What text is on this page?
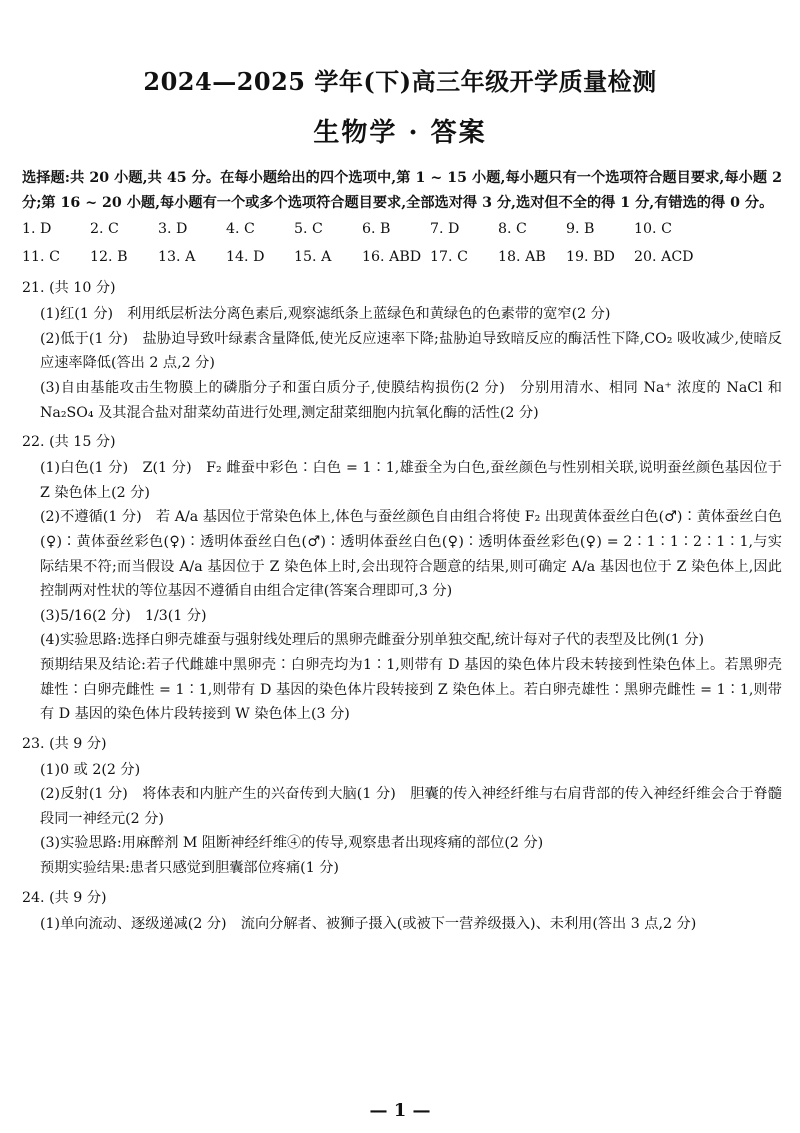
2024—2025 学年(下)高三年级开学质量检测
生物学 · 答案

选择题:共 20 小题,共 45 分。在每小题给出的四个选项中,第 1 ~ 15 小题,每小题只有一个选项符合题目要求,每小题 2 分;第 16 ~ 20 小题,每小题有一个或多个选项符合题目要求,全部选对得 3 分,选对但不全的得 1 分,有错选的得 0 分。

1. D	2. C	3. D	4. C	5. C	6. B	7. D	8. C	9. B	10. C
11. C	12. B	13. A	14. D	15. A	16. ABD 17. C	18. AB	19. BD	20. ACD

21. (共 10 分)

(1)红(1 分)　利用纸层析法分离色素后,观察滤纸条上蓝绿色和黄绿色的色素带的宽窄(2 分)

(2)低于(1 分)　盐胁迫导致叶绿素含量降低,使光反应速率下降;盐胁迫导致暗反应的酶活性下降,CO₂ 吸收减少,使暗反应速率降低(答出 2 点,2 分)

(3)自由基能攻击生物膜上的磷脂分子和蛋白质分子,使膜结构损伤(2 分)　分别用清水、相同 Na⁺ 浓度的 NaCl 和 Na₂SO₄ 及其混合盐对甜菜幼苗进行处理,测定甜菜细胞内抗氧化酶的活性(2 分)

22. (共 15 分)

(1)白色(1 分)　Z(1 分)　F₂ 雌蚕中彩色∶白色 = 1∶1,雄蚕全为白色,蚕丝颜色与性别相关联,说明蚕丝颜色基因位于 Z 染色体上(2 分)

(2)不遵循(1 分)　若 A/a 基因位于常染色体上,体色与蚕丝颜色自由组合将使 F₂ 出现黄体蚕丝白色(♂)∶黄体蚕丝白色(♀)∶黄体蚕丝彩色(♀)∶透明体蚕丝白色(♂)∶透明体蚕丝白色(♀)∶透明体蚕丝彩色(♀) = 2∶1∶1∶2∶1∶1,与实际结果不符;而当假设 A/a 基因位于 Z 染色体上时,会出现符合题意的结果,则可确定 A/a 基因也位于 Z 染色体上,因此控制两对性状的等位基因不遵循自由组合定律(答案合理即可,3 分)

(3)5/16(2 分)　1/3(1 分)

(4)实验思路:选择白卵壳雄蚕与强射线处理后的黑卵壳雌蚕分别单独交配,统计每对子代的表型及比例(1 分)

预期结果及结论:若子代雌雄中黑卵壳∶白卵壳均为1∶1,则带有 D 基因的染色体片段未转接到性染色体上。若黑卵壳雄性∶白卵壳雌性 = 1∶1,则带有 D 基因的染色体片段转接到 Z 染色体上。若白卵壳雄性∶黑卵壳雌性 = 1∶1,则带有 D 基因的染色体片段转接到 W 染色体上(3 分)

23. (共 9 分)

(1)0 或 2(2 分)

(2)反射(1 分)　将体表和内脏产生的兴奋传到大脑(1 分)　胆囊的传入神经纤维与右肩背部的传入神经纤维会合于脊髓段同一神经元(2 分)

(3)实验思路:用麻醉剂 M 阻断神经纤维④的传导,观察患者出现疼痛的部位(2 分)

预期实验结果:患者只感觉到胆囊部位疼痛(1 分)

24. (共 9 分)

(1)单向流动、逐级递减(2 分)　流向分解者、被狮子摄入(或被下一营养级摄入)、未利用(答出 3 点,2 分)

— 1 —
